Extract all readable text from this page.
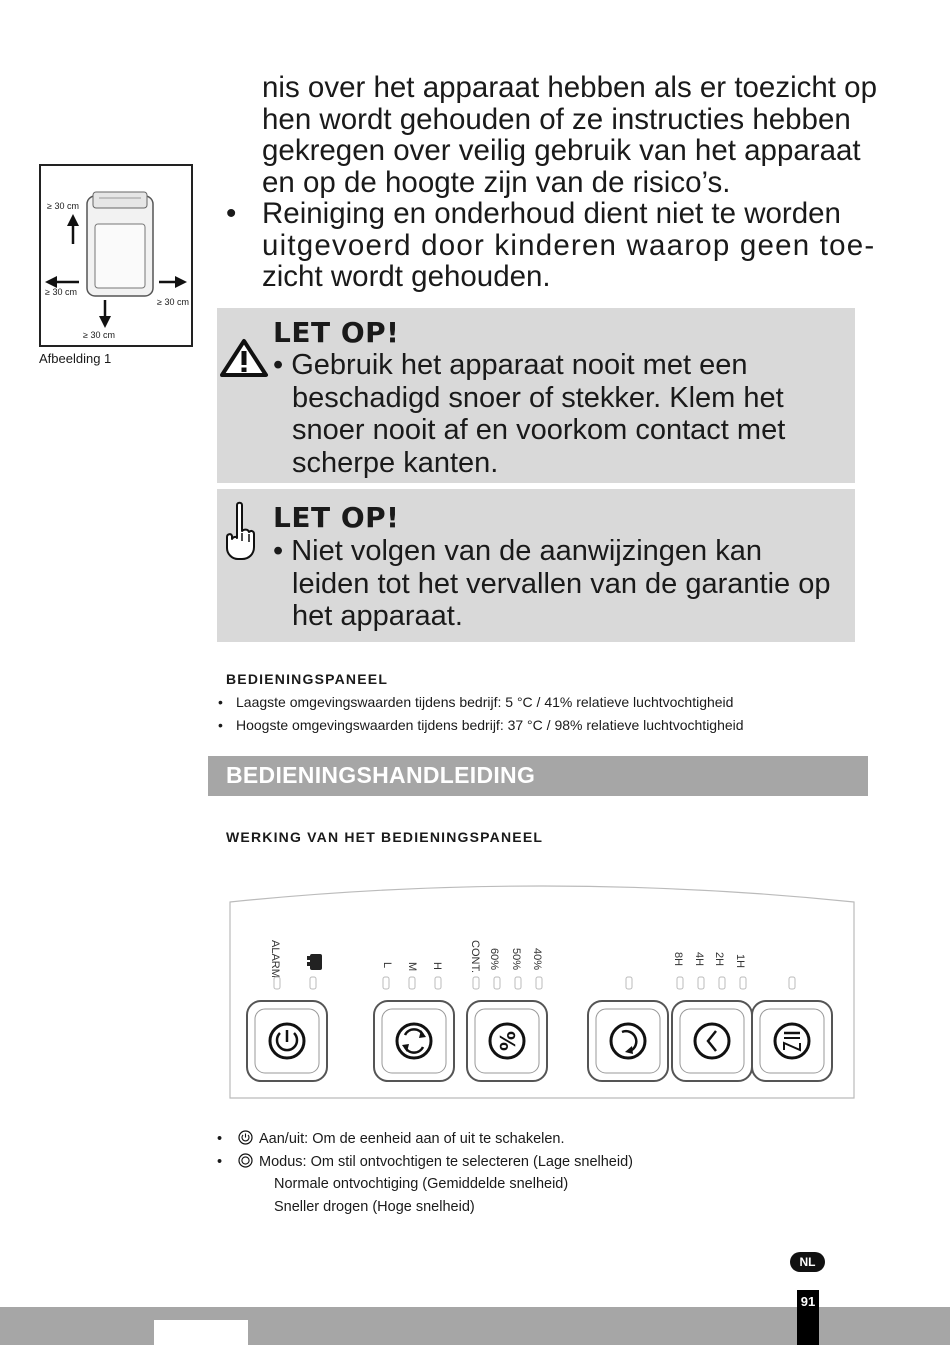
nis over het apparaat hebben als er toezicht op
hen wordt gehouden of ze instructies hebben
gekregen over veilig gebruik van het apparaat
en op de hoogte zijn van de risico’s.
• Reiniging en onderhoud dient niet te worden
uitgevoerd door kinderen waarop geen toe-
zicht wordt gehouden.
≥ 30 cm
≥ 30 cm
≥ 30 cm
≥ 30 cm
Afbeelding 1
LET OP!
• Gebruik het apparaat nooit met een
beschadigd snoer of stekker. Klem het
snoer nooit af en voorkom contact met
scherpe kanten.
LET OP!
• Niet volgen van de aanwijzingen kan
leiden tot het vervallen van de garantie op
het apparaat.
BEDIENINGSPANEEL
• Laagste omgevingswaarden tijdens bedrijf: 5 °C / 41% relatieve luchtvochtigheid
• Hoogste omgevingswaarden tijdens bedrijf: 37 °C / 98% relatieve luchtvochtigheid
BEDIENINGSHANDLEIDING
WERKING VAN HET BEDIENINGSPANEEL
ALARM	L M H CONT. 60% 50% 40%	8H 4H 2H 1H
%
•	Aan/uit: Om de eenheid aan of uit te schakelen.
•	Modus: Om stil ontvochtigen te selecteren (Lage snelheid)
Normale ontvochtiging (Gemiddelde snelheid)
Sneller drogen (Hoge snelheid)
NL
91
